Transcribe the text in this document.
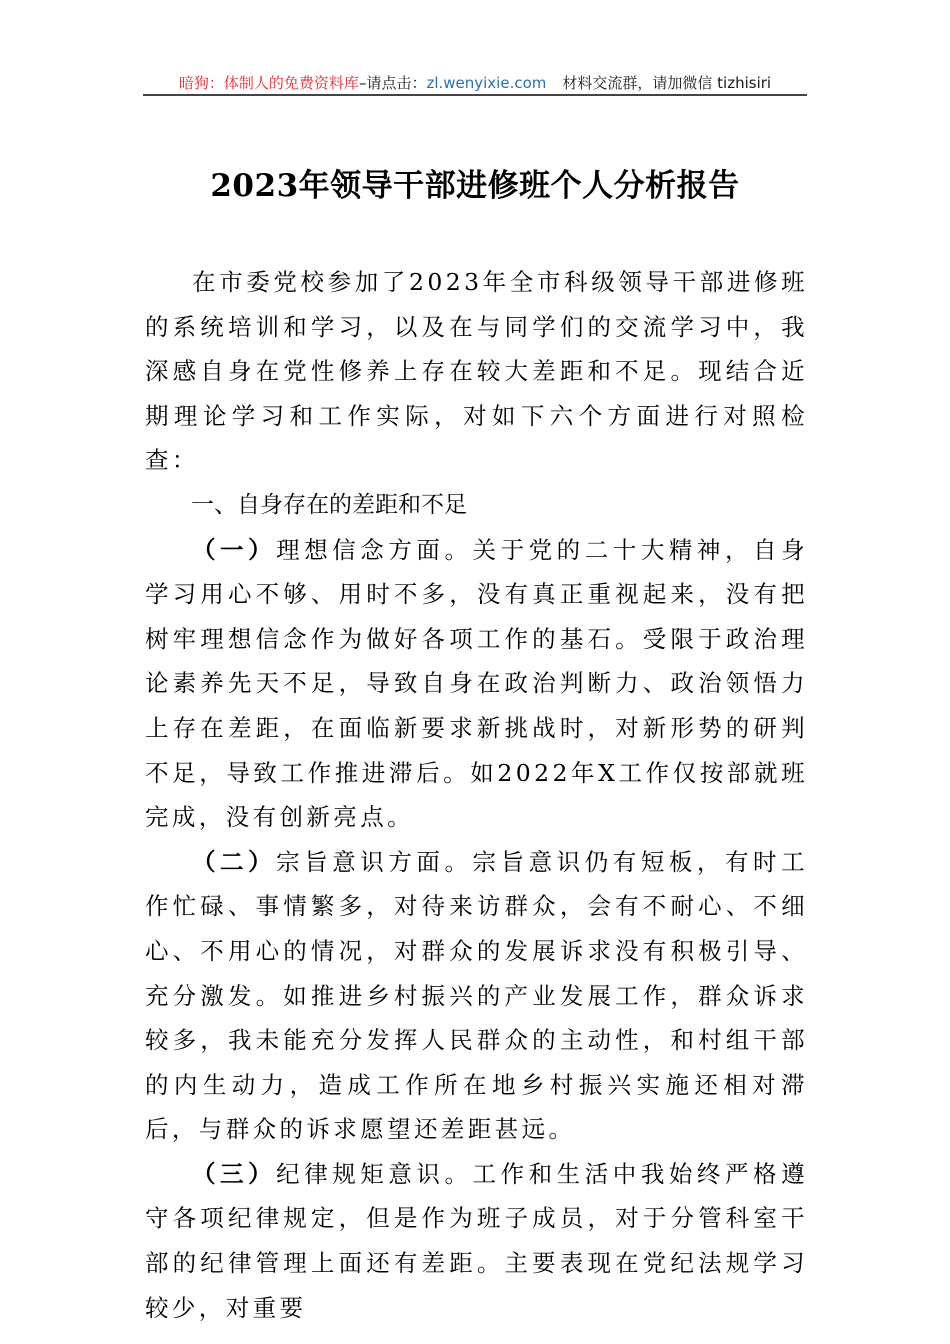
暗狗：体制人的免费资料库 –请点击： zl.wenyixie.com 材料交流群，请加微信 tizhisiri
2023年领导干部进修班个人分析报告

在市委党校参加了2023年全市科级领导干部进修班的系统培训和学习，以及在与同学们的交流学习中，我深感自身在党性修养上存在较大差距和不足。现结合近期理论学习和工作实际，对如下六个方面进行对照检查：

一、自身存在的差距和不足

（一）理想信念方面。关于党的二十大精神，自身学习用心不够、用时不多，没有真正重视起来，没有把树牢理想信念作为做好各项工作的基石。受限于政治理论素养先天不足，导致自身在政治判断力、政治领悟力上存在差距，在面临新要求新挑战时，对新形势的研判不足，导致工作推进滞后。如2022年X工作仅按部就班完成，没有创新亮点。

（二）宗旨意识方面。宗旨意识仍有短板，有时工作忙碌、事情繁多，对待来访群众，会有不耐心、不细心、不用心的情况，对群众的发展诉求没有积极引导、充分激发。如推进乡村振兴的产业发展工作，群众诉求较多，我未能充分发挥人民群众的主动性，和村组干部的内生动力，造成工作所在地乡村振兴实施还相对滞后，与群众的诉求愿望还差距甚远。

（三）纪律规矩意识。工作和生活中我始终严格遵守各项纪律规定，但是作为班子成员，对于分管科室干部的纪律管理上面还有差距。主要表现在党纪法规学习较少，对重要
